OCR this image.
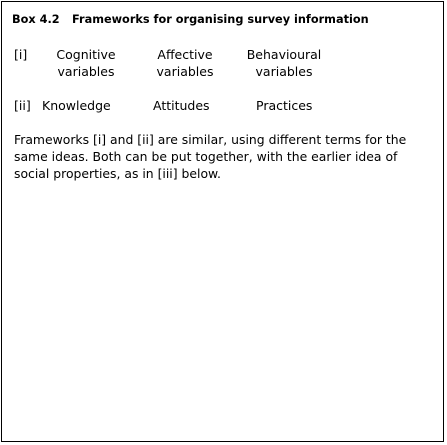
Box 4.2 Frameworks for organising survey information
[i] Cognitive
variables
Affective
variables
Behavioural
variables
[ii] Knowledge	Attitudes	Practices
Frameworks [i] and [ii] are similar, using different terms for the
same ideas. Both can be put together, with the earlier idea of
social properties, as in [iii] below.
